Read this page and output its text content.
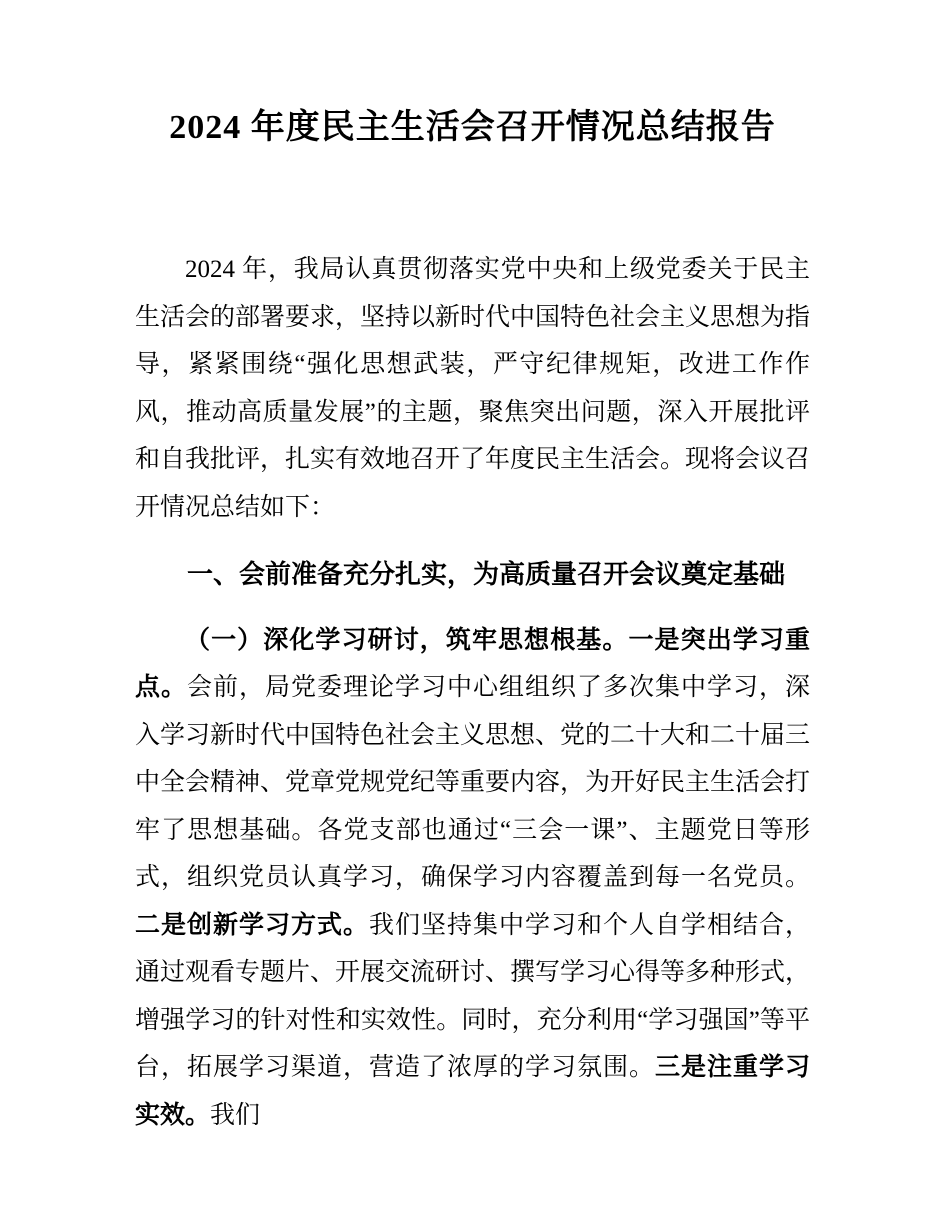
2024 年度民主生活会召开情况总结报告

2024 年，我局认真贯彻落实党中央和上级党委关于民主生活会的部署要求，坚持以新时代中国特色社会主义思想为指导，紧紧围绕“强化思想武装，严守纪律规矩，改进工作作风，推动高质量发展”的主题，聚焦突出问题，深入开展批评和自我批评，扎实有效地召开了年度民主生活会。现将会议召开情况总结如下：

一、会前准备充分扎实，为高质量召开会议奠定基础

（一）深化学习研讨，筑牢思想根基。一是突出学习重点。会前，局党委理论学习中心组组织了多次集中学习，深入学习新时代中国特色社会主义思想、党的二十大和二十届三中全会精神、党章党规党纪等重要内容，为开好民主生活会打牢了思想基础。各党支部也通过“三会一课”、主题党日等形式，组织党员认真学习，确保学习内容覆盖到每一名党员。二是创新学习方式。我们坚持集中学习和个人自学相结合，通过观看专题片、开展交流研讨、撰写学习心得等多种形式，增强学习的针对性和实效性。同时，充分利用“学习强国”等平台，拓展学习渠道，营造了浓厚的学习氛围。三是注重学习实效。我们
